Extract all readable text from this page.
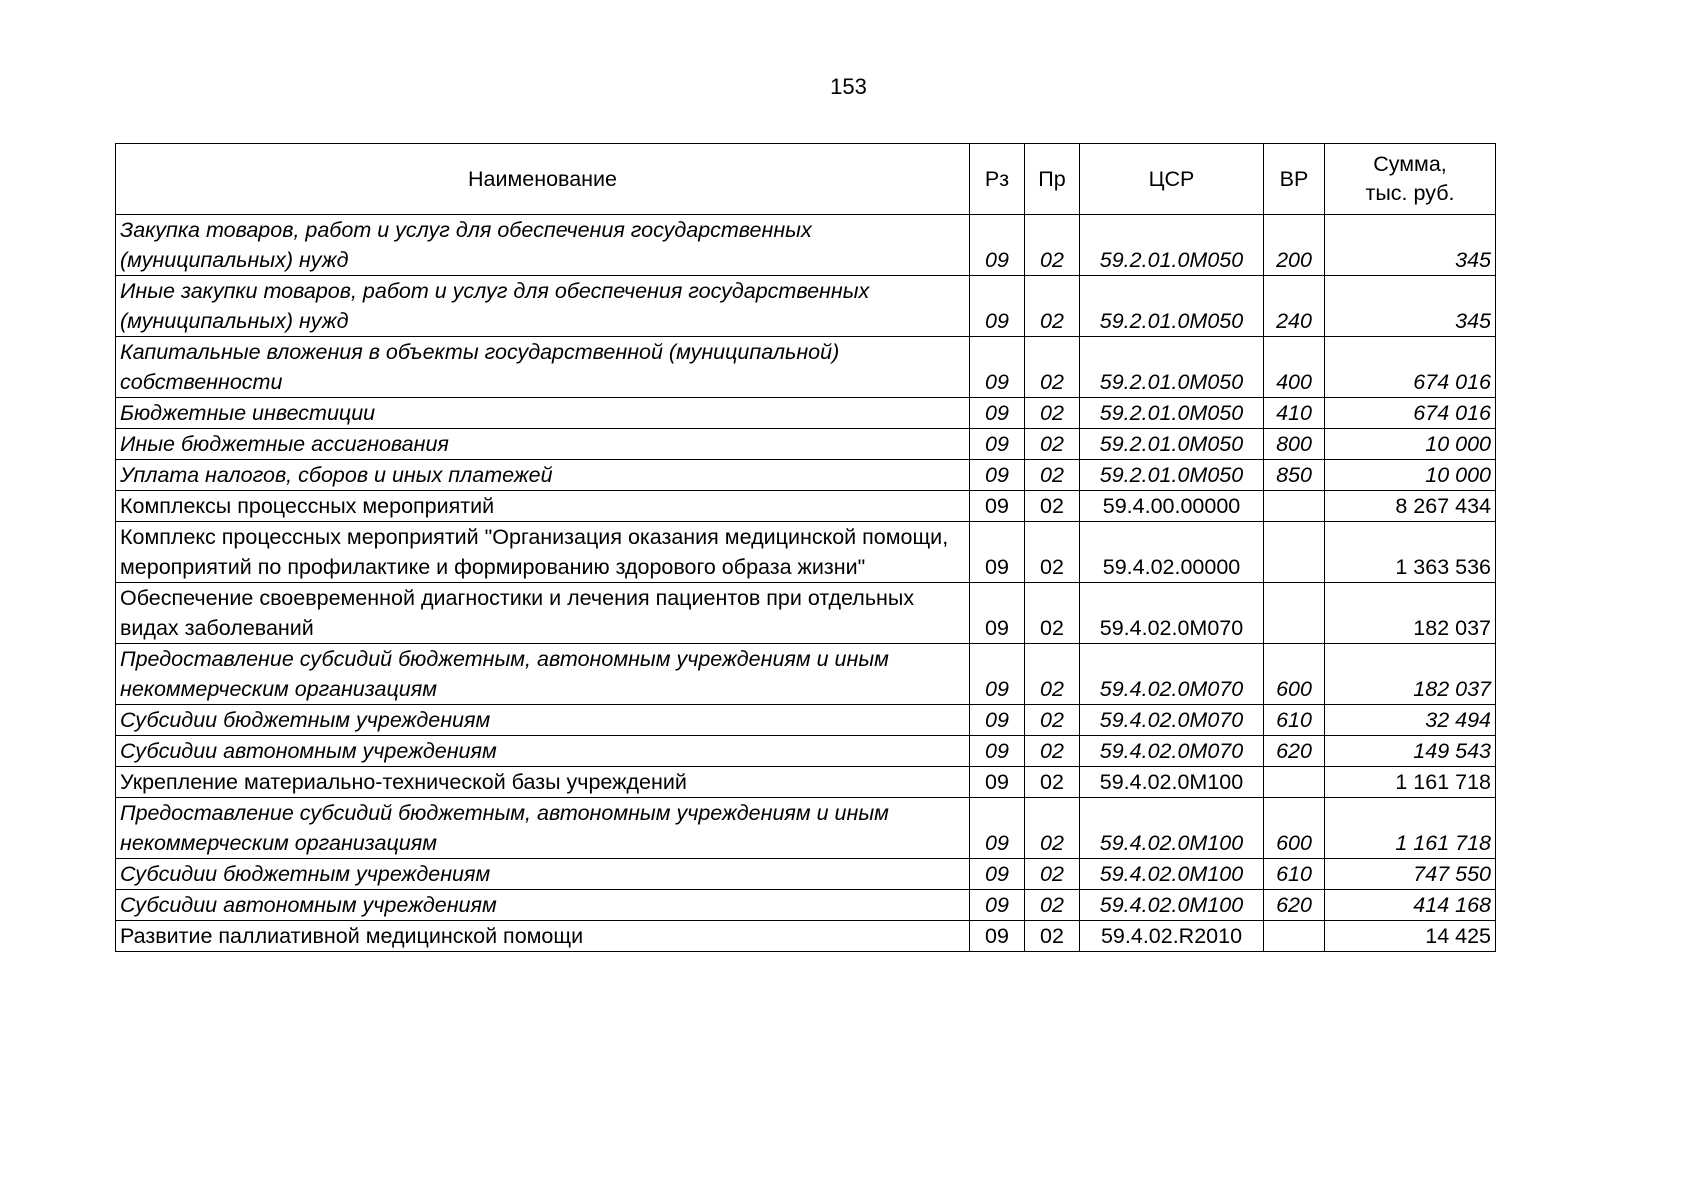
153
Наименование	Рз	Пр	ЦСР	ВР	Сумма,
тыс. руб.
Закупка товаров, работ и услуг для обеспечения государственных (муниципальных) нужд	09	02	59.2.01.0М050	200	345
Иные закупки товаров, работ и услуг для обеспечения государственных (муниципальных) нужд	09	02	59.2.01.0М050	240	345
Капитальные вложения в объекты государственной (муниципальной) собственности	09	02	59.2.01.0М050	400	674 016
Бюджетные инвестиции	09	02	59.2.01.0М050	410	674 016
Иные бюджетные ассигнования	09	02	59.2.01.0М050	800	10 000
Уплата налогов, сборов и иных платежей	09	02	59.2.01.0М050	850	10 000
Комплексы процессных мероприятий	09	02	59.4.00.00000		8 267 434
Комплекс процессных мероприятий "Организация оказания медицинской помощи, мероприятий по профилактике и формированию здорового образа жизни"	09	02	59.4.02.00000		1 363 536
Обеспечение своевременной диагностики и лечения пациентов при отдельных видах заболеваний	09	02	59.4.02.0М070		182 037
Предоставление субсидий бюджетным, автономным учреждениям и иным некоммерческим организациям	09	02	59.4.02.0М070	600	182 037
Субсидии бюджетным учреждениям	09	02	59.4.02.0М070	610	32 494
Субсидии автономным учреждениям	09	02	59.4.02.0М070	620	149 543
Укрепление материально-технической базы учреждений	09	02	59.4.02.0М100		1 161 718
Предоставление субсидий бюджетным, автономным учреждениям и иным некоммерческим организациям	09	02	59.4.02.0М100	600	1 161 718
Субсидии бюджетным учреждениям	09	02	59.4.02.0М100	610	747 550
Субсидии автономным учреждениям	09	02	59.4.02.0М100	620	414 168
Развитие паллиативной медицинской помощи	09	02	59.4.02.R2010		14 425
